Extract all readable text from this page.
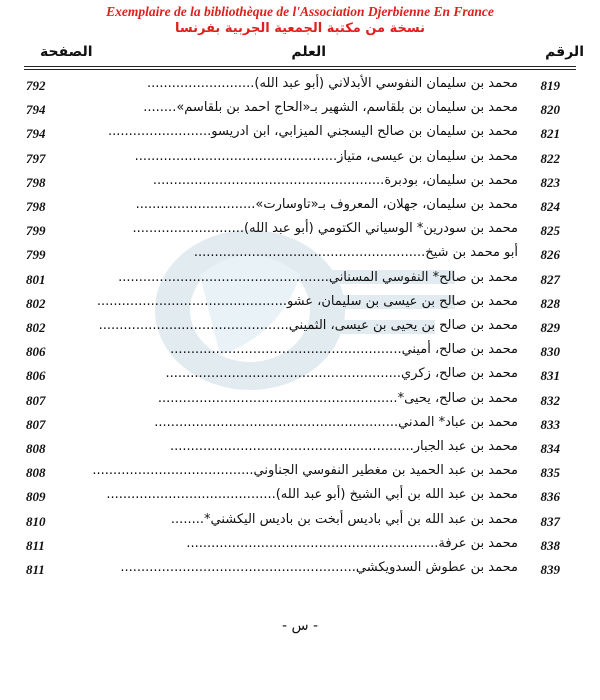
Exemplaire de la bibliothèque de l'Association Djerbienne En France
نسخة من مكتبة الجمعية الجربية بفرنسا
الرقم
العلم
الصفحة
819
محمد بن سليمان النفوسي الأبدلاني (أبو عبد الله)..........................
792
820
محمد بن سليمان بن بلقاسم، الشهير بـ«الحاج احمد بن بلقاسم»........
794
821
محمد بن سليمان بن صالح اليسجني الميزابي، ابن ادريسو.........................
794
822
محمد بن سليمان بن عيسى، متياز.................................................
797
823
محمد بن سليمان، بودبرة........................................................
798
824
محمد بن سليمان، جهلان، المعروف بـ«تاوسارت».............................
798
825
محمد بن سودرين* الوسياني الكتومي (أبو عبد الله)...........................
799
826
أبو محمد بن شيخ........................................................
799
827
محمد بن صالح* النفوسي المسناني...................................................
801
828
محمد بن صالح بن عيسى بن سليمان، عشو..............................................
802
829
محمد بن صالح بن يحيى بن عيسى، الثميني..............................................
802
830
محمد بن صالح، أميني........................................................
806
831
محمد بن صالح، زكري.........................................................
806
832
محمد بن صالح، يحيى*..........................................................
807
833
محمد بن عباد* المدني...........................................................
807
834
محمد بن عبد الجبار...........................................................
808
835
محمد بن عبد الحميد بن مغطير النفوسي الجناوني.......................................
808
836
محمد بن عبد الله بن أبي الشيخ (أبو عبد الله).........................................
809
837
محمد بن عبد الله بن أبي باديس أبخت بن باديس اليكشني*........
810
838
محمد بن عرفة.............................................................
811
839
محمد بن عطوش السدويكشي.........................................................
811
- س -
